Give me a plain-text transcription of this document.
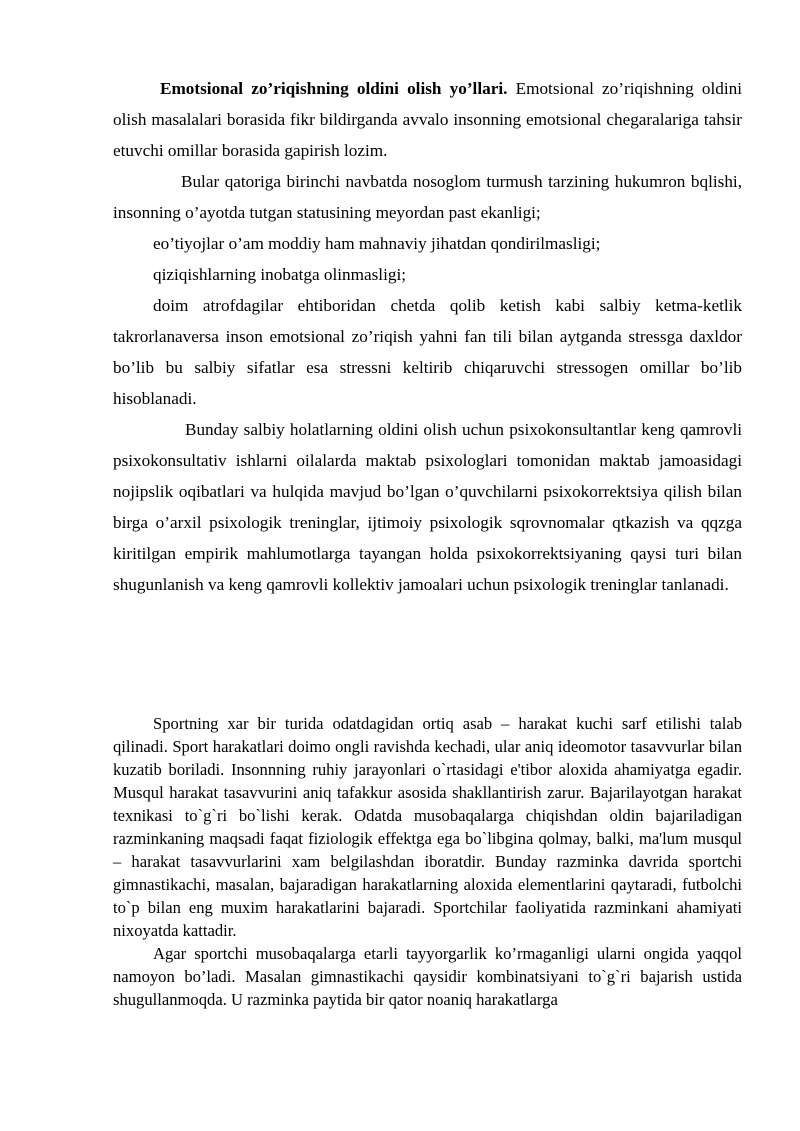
Emotsional zo’riqishning oldini olish yo’llari. Emotsional zo’riqishning oldini olish masalalari borasida fikr bildirganda avvalo insonning emotsional chegaralariga tahsir etuvchi omillar borasida gapirish lozim.

Bular qatoriga birinchi navbatda nosoglom turmush tarzining hukumron bqlishi, insonning o’ayotda tutgan statusining meyordan past ekanligi;

eo’tiyojlar o’am moddiy ham mahnaviy jihatdan qondirilmasligi;

qiziqishlarning inobatga olinmasligi;

doim atrofdagilar ehtiboridan chetda qolib ketish kabi salbiy ketma-ketlik takrorlanaversa inson emotsional zo’riqish yahni fan tili bilan aytganda stressga daxldor bo’lib bu salbiy sifatlar esa stressni keltirib chiqaruvchi stressogen omillar bo’lib hisoblanadi.

Bunday salbiy holatlarning oldini olish uchun psixokonsultantlar keng qamrovli psixokonsultativ ishlarni oilalarda maktab psixologlari tomonidan maktab jamoasidagi nojipslik oqibatlari va hulqida mavjud bo’lgan o’quvchilarni psixokorrektsiya qilish bilan birga o’arxil psixologik treninglar, ijtimoiy psixologik sqrovnomalar qtkazish va qqzga kiritilgan empirik mahlumotlarga tayangan holda psixokorrektsiyaning qaysi turi bilan shugunlanish va keng qamrovli kollektiv jamoalari uchun psixologik treninglar tanlanadi.

Sportning xar bir turida odatdagidan ortiq asab – harakat kuchi sarf etilishi talab qilinadi. Sport harakatlari doimo ongli ravishda kechadi, ular aniq ideomotor tasavvurlar bilan kuzatib boriladi. Insonnning ruhiy jarayonlari o`rtasidagi e'tibor aloxida ahamiyatga egadir. Musqul harakat tasavvurini aniq tafakkur asosida shakllantirish zarur. Bajarilayotgan harakat texnikasi to`g`ri bo`lishi kerak. Odatda musobaqalarga chiqishdan oldin bajariladigan razminkaning maqsadi faqat fiziologik effektga ega bo`libgina qolmay, balki, ma'lum musqul – harakat tasavvurlarini xam belgilashdan iboratdir. Bunday razminka davrida sportchi gimnastikachi, masalan, bajaradigan harakatlarning aloxida elementlarini qaytaradi, futbolchi to`p bilan eng muxim harakatlarini bajaradi. Sportchilar faoliyatida razminkani ahamiyati nixoyatda kattadir.

Agar sportchi musobaqalarga etarli tayyorgarlik ko’rmaganligi ularni ongida yaqqol namoyon bo’ladi. Masalan gimnastikachi qaysidir kombinatsiyani to`g`ri bajarish ustida shugullanmoqda. U razminka paytida bir qator noaniq harakatlarga
